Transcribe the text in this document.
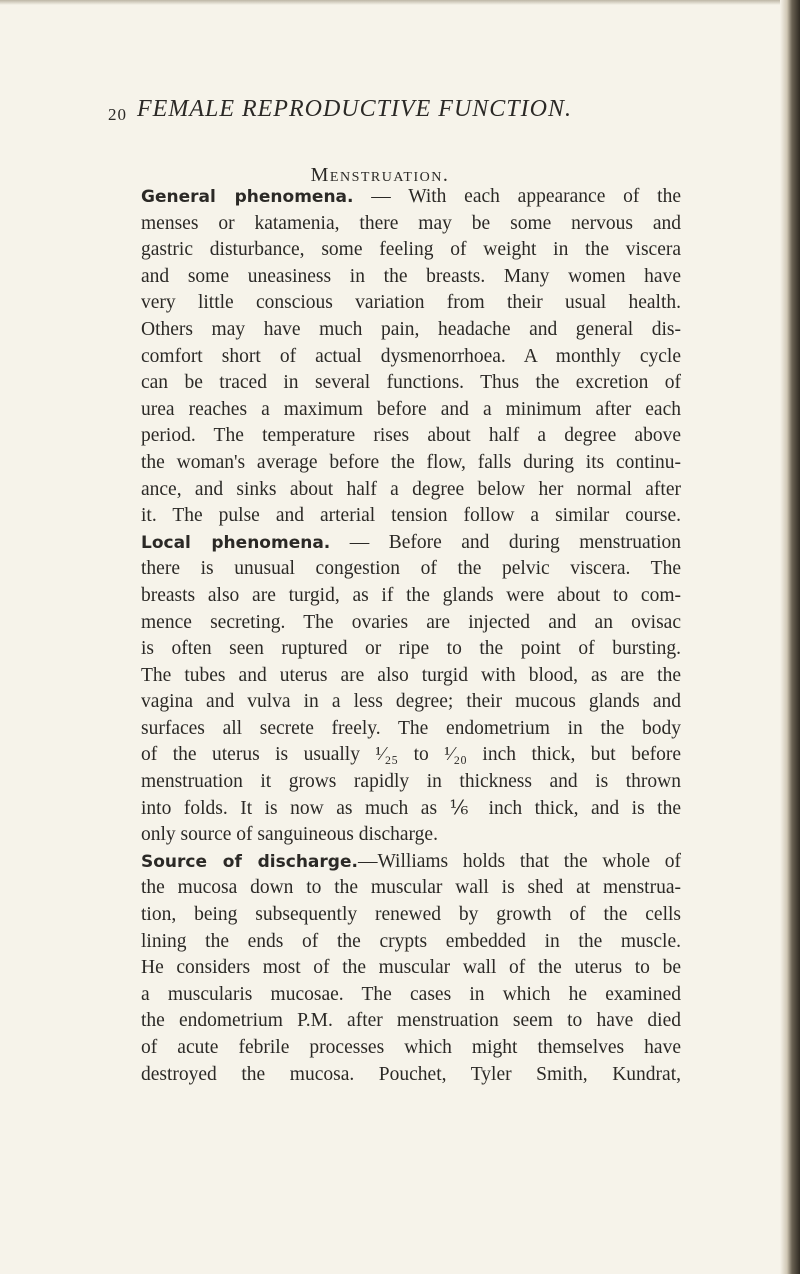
20 FEMALE REPRODUCTIVE FUNCTION.
Menstruation.
General phenomena. — With each appearance of the
menses or katamenia, there may be some nervous and
gastric disturbance, some feeling of weight in the viscera
and some uneasiness in the breasts. Many women have
very little conscious variation from their usual health.
Others may have much pain, headache and general dis-
comfort short of actual dysmenorrhoea. A monthly cycle
can be traced in several functions. Thus the excretion of
urea reaches a maximum before and a minimum after each
period. The temperature rises about half a degree above
the woman's average before the flow, falls during its continu-
ance, and sinks about half a degree below her normal after
it. The pulse and arterial tension follow a similar course.
Local phenomena. — Before and during menstruation
there is unusual congestion of the pelvic viscera. The
breasts also are turgid, as if the glands were about to com-
mence secreting. The ovaries are injected and an ovisac
is often seen ruptured or ripe to the point of bursting.
The tubes and uterus are also turgid with blood, as are the
vagina and vulva in a less degree; their mucous glands and
surfaces all secrete freely. The endometrium in the body
of the uterus is usually ¹⁄₂₅ to ¹⁄₂₀ inch thick, but before
menstruation it grows rapidly in thickness and is thrown
into folds. It is now as much as ⅙ inch thick, and is the
only source of sanguineous discharge.
Source of discharge.—Williams holds that the whole of
the mucosa down to the muscular wall is shed at menstrua-
tion, being subsequently renewed by growth of the cells
lining the ends of the crypts embedded in the muscle.
He considers most of the muscular wall of the uterus to be
a muscularis mucosae. The cases in which he examined
the endometrium P.M. after menstruation seem to have died
of acute febrile processes which might themselves have
destroyed the mucosa. Pouchet, Tyler Smith, Kundrat,
